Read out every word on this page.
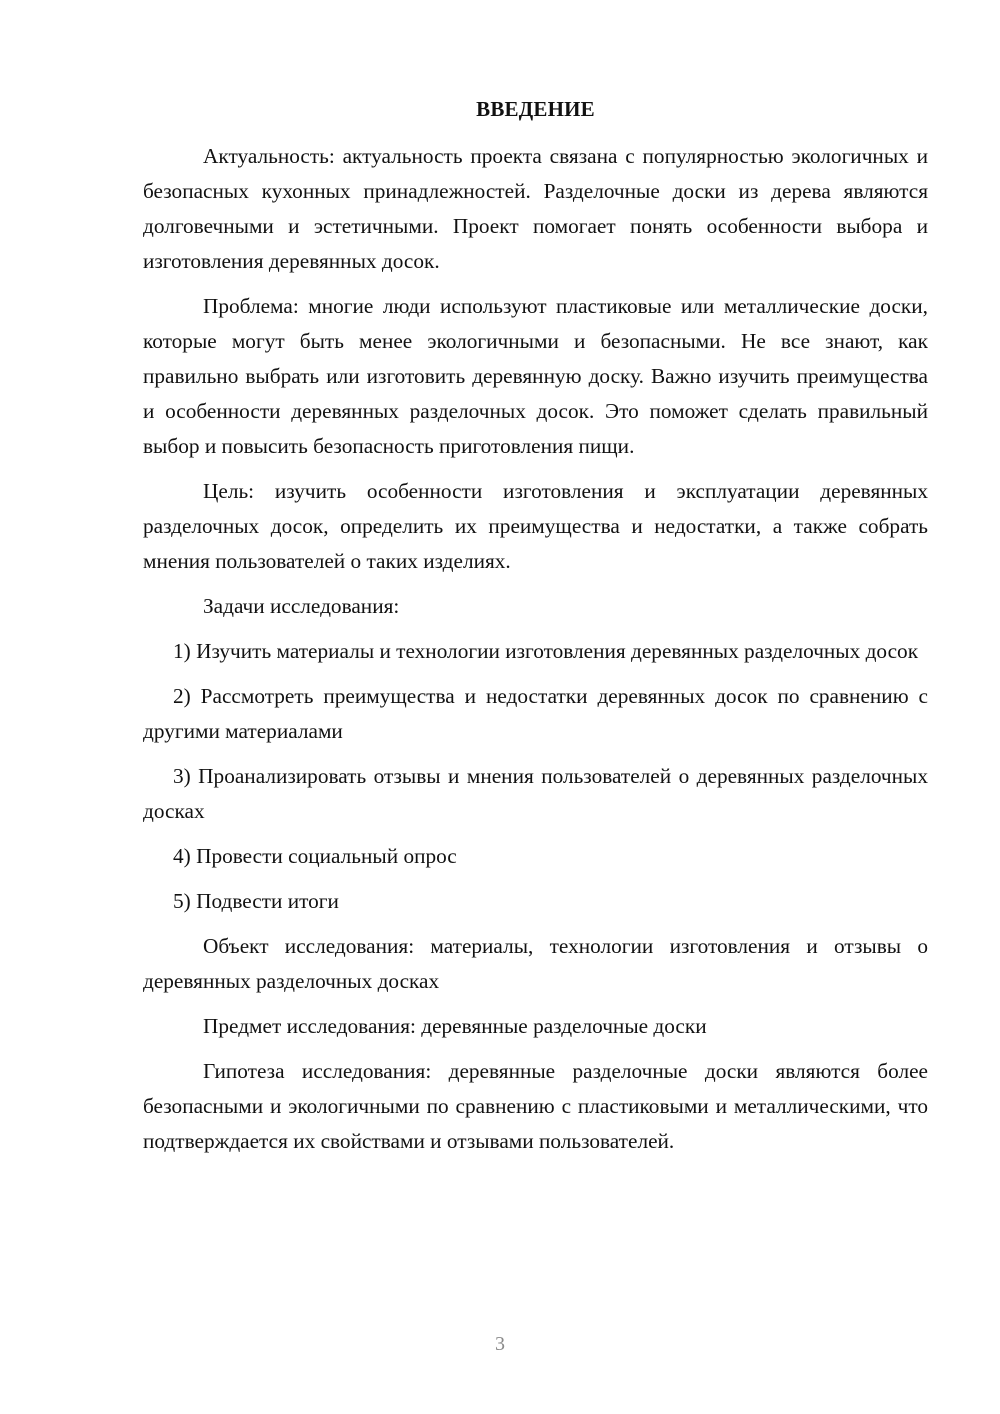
ВВЕДЕНИЕ

Актуальность: актуальность проекта связана с популярностью экологичных и безопасных кухонных принадлежностей. Разделочные доски из дерева являются долговечными и эстетичными. Проект помогает понять особенности выбора и изготовления деревянных досок.

Проблема: многие люди используют пластиковые или металлические доски, которые могут быть менее экологичными и безопасными. Не все знают, как правильно выбрать или изготовить деревянную доску. Важно изучить преимущества и особенности деревянных разделочных досок. Это поможет сделать правильный выбор и повысить безопасность приготовления пищи.

Цель: изучить особенности изготовления и эксплуатации деревянных разделочных досок, определить их преимущества и недостатки, а также собрать мнения пользователей о таких изделиях.

Задачи исследования:

1) Изучить материалы и технологии изготовления деревянных разделочных досок

2) Рассмотреть преимущества и недостатки деревянных досок по сравнению с другими материалами

3) Проанализировать отзывы и мнения пользователей о деревянных разделочных досках

4) Провести социальный опрос

5) Подвести итоги

Объект исследования: материалы, технологии изготовления и отзывы о деревянных разделочных досках

Предмет исследования: деревянные разделочные доски

Гипотеза исследования: деревянные разделочные доски являются более безопасными и экологичными по сравнению с пластиковыми и металлическими, что подтверждается их свойствами и отзывами пользователей.

3
